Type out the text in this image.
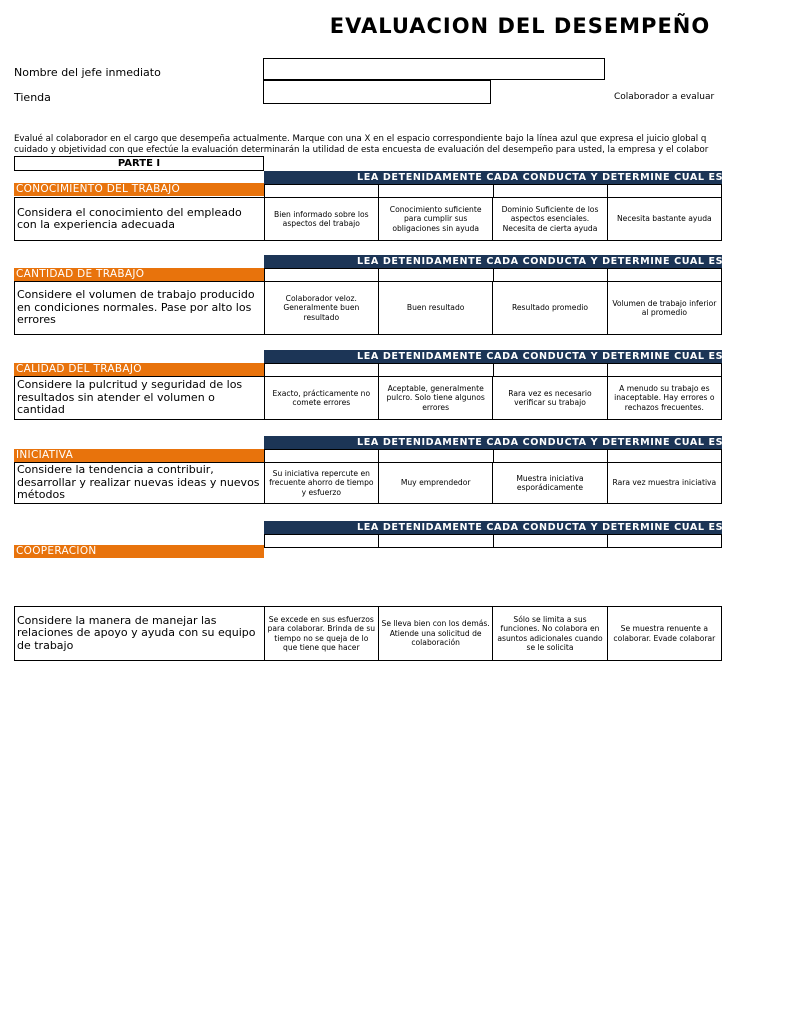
EVALUACION DEL DESEMPEÑO
Nombre del jefe inmediato
Tienda	Colaborador a evaluar
Evalué al colaborador en el cargo que desempeña actualmente. Marque con una X en el espacio correspondiente bajo la línea azul que expresa el juicio global q
cuidado y objetividad con que efectúe la evaluación determinarán la utilidad de esta encuesta de evaluación del desempeño para usted, la empresa y el colabor
PARTE I
LEA DETENIDAMENTE CADA CONDUCTA Y DETERMINE CUAL ES LA QUE MEJOR
CONOCIMIENTO DEL TRABAJO
Considera el conocimiento del empleado con la experiencia adecuada
Bien informado sobre los aspectos del trabajo
Conocimiento suficiente para cumplir sus obligaciones sin ayuda
Dominio Suficiente de los aspectos esenciales. Necesita de cierta ayuda
Necesita bastante ayuda
LEA DETENIDAMENTE CADA CONDUCTA Y DETERMINE CUAL ES LA QUE MEJOR
CANTIDAD DE TRABAJO
Considere el volumen de trabajo producido en condiciones normales. Pase por alto los errores
Colaborador veloz. Generalmente buen resultado
Buen resultado	Resultado promedio
Volumen de trabajo inferior al promedio
LEA DETENIDAMENTE CADA CONDUCTA Y DETERMINE CUAL ES LA QUE MEJOR
CALIDAD DEL TRABAJO
Considere la pulcritud y seguridad de los resultados sin atender el volumen o cantidad
Exacto, prácticamente no comete errores
Aceptable, generalmente pulcro. Solo tiene algunos errores
Rara vez es necesario verificar su trabajo
A menudo su trabajo es inaceptable. Hay errores o rechazos frecuentes.
LEA DETENIDAMENTE CADA CONDUCTA Y DETERMINE CUAL ES LA QUE MEJOR
INICIATIVA
Considere la tendencia a contribuir, desarrollar y realizar nuevas ideas y nuevos métodos
Su iniciativa repercute en frecuente ahorro de tiempo y esfuerzo
Muy emprendedor
Muestra iniciativa esporádicamente
Rara vez muestra iniciativa
LEA DETENIDAMENTE CADA CONDUCTA Y DETERMINE CUAL ES LA QUE MEJOR
COOPERACION
Considere la manera de manejar las relaciones de apoyo y ayuda con su equipo de trabajo
Se excede en sus esfuerzos para colaborar. Brinda de su tiempo no se queja de lo que tiene que hacer
Se lleva bien con los demás. Atiende una solicitud de colaboración
Sólo se limita a sus funciones. No colabora en asuntos adicionales cuando se le solicita
Se muestra renuente a colaborar. Evade colaborar
